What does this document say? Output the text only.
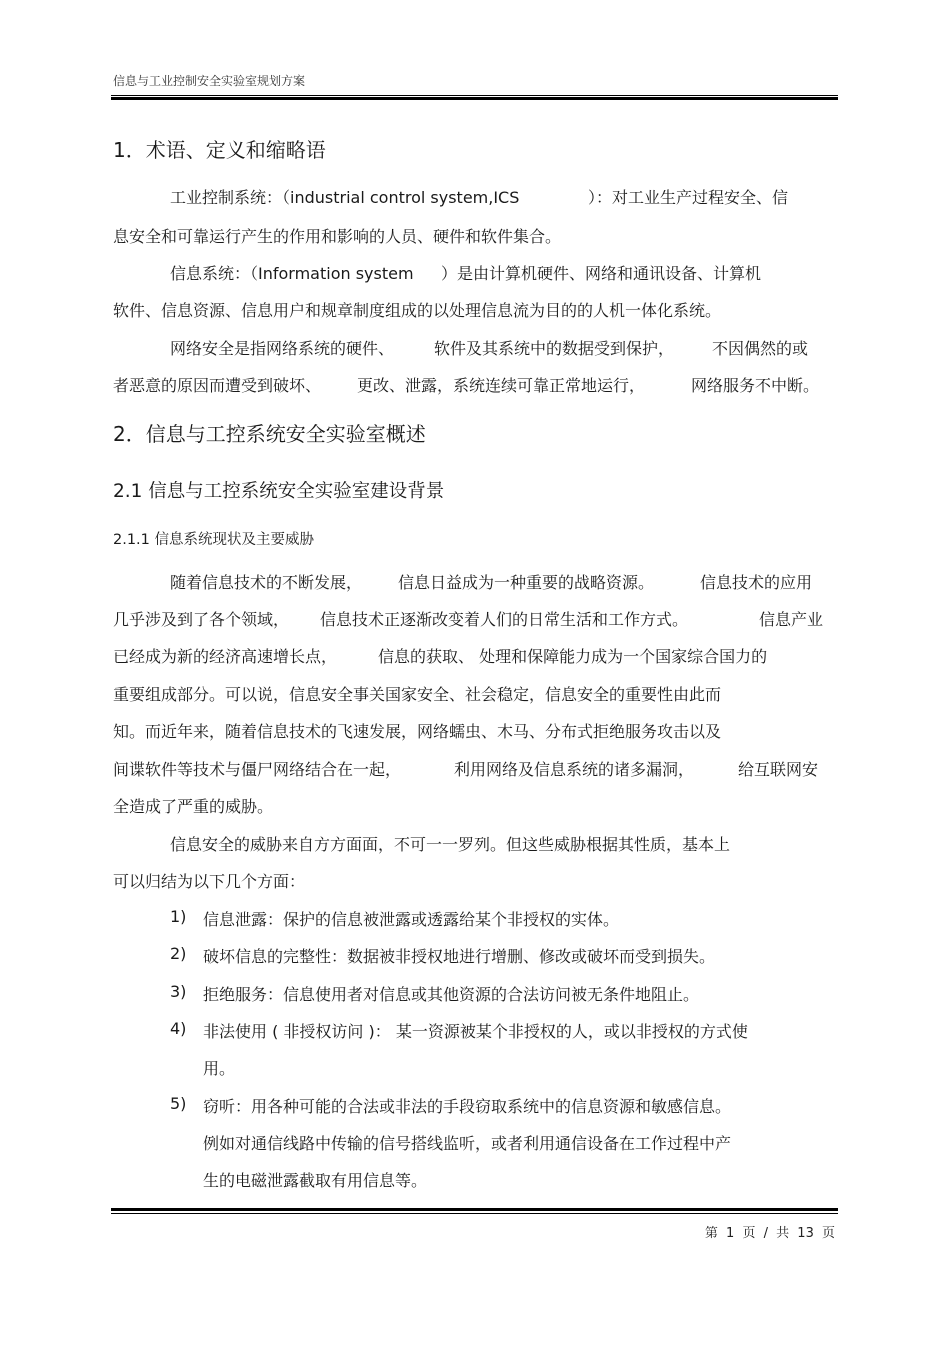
信息与工业控制安全实验室规划方案
1．术语、定义和缩略语
工业控制系统：（industrial control system,ICS	）：对工业生产过程安全、信
息安全和可靠运行产生的作用和影响的人员、硬件和软件集合。
信息系统：（Information system ）是由计算机硬件、网络和通讯设备、计算机
软件、信息资源、信息用户和规章制度组成的以处理信息流为目的的人机一体化系统。
网络安全是指网络系统的硬件、 软件及其系统中的数据受到保护， 不因偶然的或
者恶意的原因而遭受到破坏、 更改、泄露，系统连续可靠正常地运行，	网络服务不中断。
2．信息与工控系统安全实验室概述
2.1 信息与工控系统安全实验室建设背景
2.1.1 信息系统现状及主要威胁
随着信息技术的不断发展， 信息日益成为一种重要的战略资源。	信息技术的应用
几乎涉及到了各个领域， 信息技术正逐渐改变着人们的日常生活和工作方式。	信息产业
已经成为新的经济高速增长点，	信息的获取、 处理和保障能力成为一个国家综合国力的
重要组成部分。可以说，信息安全事关国家安全、社会稳定，信息安全的重要性由此而
知。而近年来，随着信息技术的飞速发展，网络蠕虫、木马、分布式拒绝服务攻击以及
间谍软件等技术与僵尸网络结合在一起，	利用网络及信息系统的诸多漏洞，	给互联网安
全造成了严重的威胁。
信息安全的威胁来自方方面面，不可一一罗列。但这些威胁根据其性质，基本上
可以归结为以下几个方面：
1) 信息泄露：保护的信息被泄露或透露给某个非授权的实体。
2) 破坏信息的完整性：数据被非授权地进行增删、修改或破坏而受到损失。
3) 拒绝服务：信息使用者对信息或其他资源的合法访问被无条件地阻止。
4) 非法使用 ( 非授权访问 )： 某一资源被某个非授权的人，或以非授权的方式使
用。
5) 窃听：用各种可能的合法或非法的手段窃取系统中的信息资源和敏感信息。
例如对通信线路中传输的信号搭线监听，或者利用通信设备在工作过程中产
生的电磁泄露截取有用信息等。
第 1 页 / 共 13 页
